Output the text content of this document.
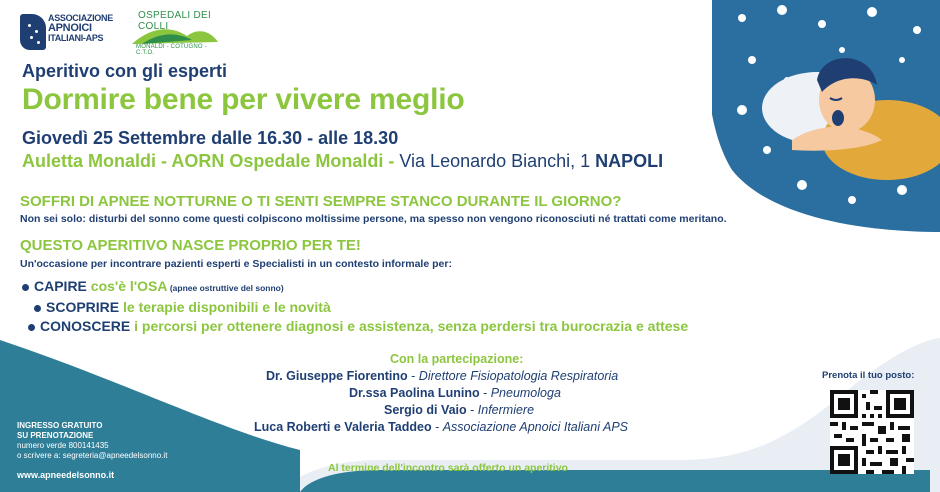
ASSOCIAZIONE
APNOICI
ITALIANI-APS
OSPEDALI DEI COLLI
MONALDI - COTUGNO - C.T.O.
Aperitivo con gli esperti
Dormire bene per vivere meglio
Giovedì 25 Settembre dalle 16.30 - alle 18.30
Auletta Monaldi - AORN Ospedale Monaldi - Via Leonardo Bianchi, 1 NAPOLI
SOFFRI DI APNEE NOTTURNE O TI SENTI SEMPRE STANCO DURANTE IL GIORNO?
Non sei solo: disturbi del sonno come questi colpiscono moltissime persone, ma spesso non vengono riconosciuti né trattati come meritano.
QUESTO APERITIVO NASCE PROPRIO PER TE!
Un'occasione per incontrare pazienti esperti e Specialisti in un contesto informale per:
CAPIRE cos'è l'OSA (apnee ostruttive del sonno)
SCOPRIRE le terapie disponibili e le novità
CONOSCERE i percorsi per ottenere diagnosi e assistenza, senza perdersi tra burocrazia e attese
Con la partecipazione:
Dr. Giuseppe Fiorentino - Direttore Fisiopatologia Respiratoria
Dr.ssa Paolina Lunino - Pneumologa
Sergio di Vaio - Infermiere
Luca Roberti e Valeria Taddeo - Associazione Apnoici Italiani APS
Al termine dell'incontro sarà offerto un aperitivo
INGRESSO GRATUITO
SU PRENOTAZIONE
numero verde 800141435
o scrivere a: segreteria@apneedelsonno.it
www.apneedelsonno.it
Prenota il tuo posto:
